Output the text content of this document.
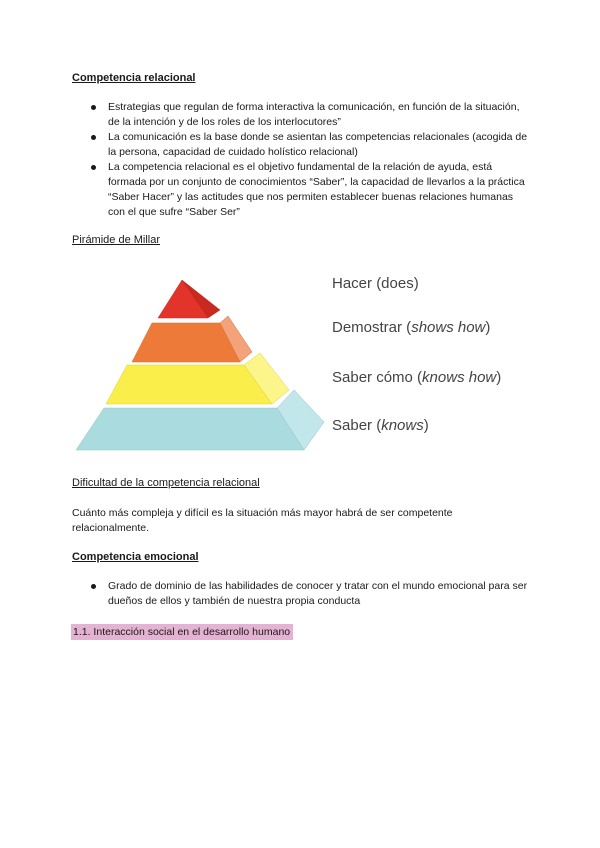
Competencia relacional
Estrategias que regulan de forma interactiva la comunicación, en función de la situación, de la intención y de los roles de los interlocutores”
La comunicación es la base donde se asientan las competencias relacionales (acogida de la persona, capacidad de cuidado holístico relacional)
La competencia relacional es el objetivo fundamental de la relación de ayuda, está formada por un conjunto de conocimientos “Saber”, la capacidad de llevarlos a la práctica “Saber Hacer” y las actitudes que nos permiten establecer buenas relaciones humanas con el que sufre “Saber Ser”
Pirámide de Millar
Hacer (does)
Demostrar (shows how)
Saber cómo (knows how)
Saber (knows)
Dificultad de la competencia relacional
Cuánto más compleja y difícil es la situación más mayor habrá de ser competente relacionalmente.
Competencia emocional
Grado de dominio de las habilidades de conocer y tratar con el mundo emocional para ser dueños de ellos y también de nuestra propia conducta
1.1. Interacción social en el desarrollo humano
